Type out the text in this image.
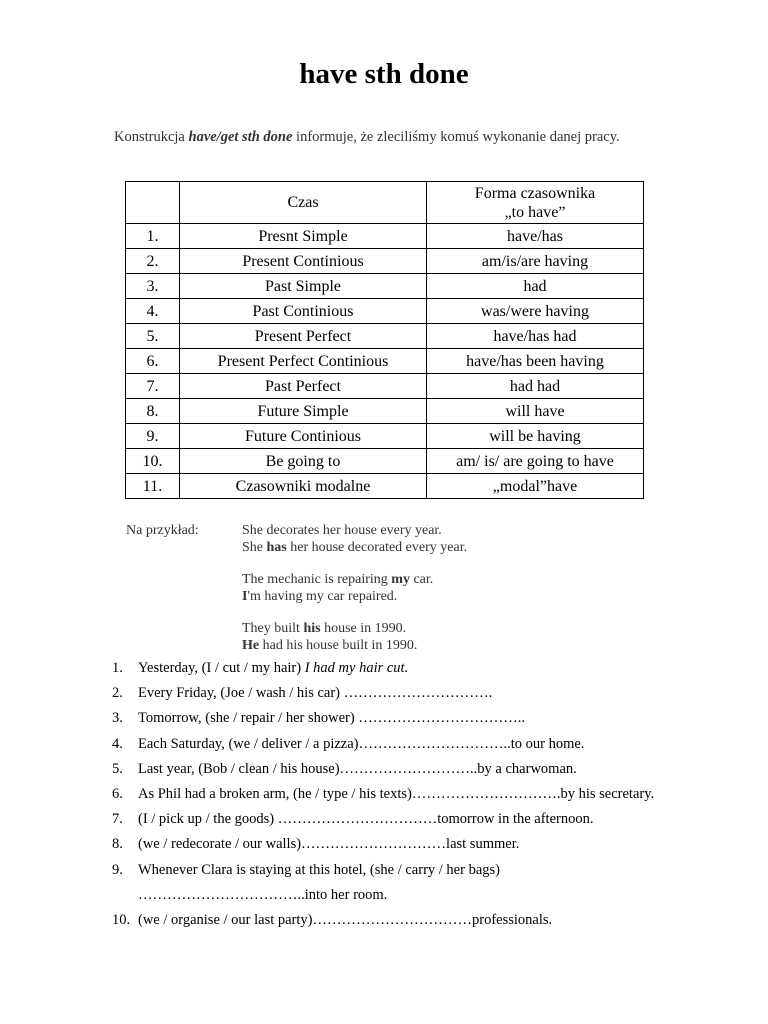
have sth done
Konstrukcja have/get sth done informuje, że zleciliśmy komuś wykonanie danej pracy.
	Czas	Forma czasownika
„to have”

1.	Presnt Simple	have/has
2.	Present Continious	am/is/are having
3.	Past Simple	had
4.	Past Continious	was/were having
5.	Present Perfect	have/has had
6.	Present Perfect Continious	have/has been having
7.	Past Perfect	had had
8.	Future Simple	will have
9.	Future Continious	will be having
10.	Be going to	am/ is/ are going to have
11.	Czasowniki modalne	„modal”have
Na przykład:	She decorates her house every year.
She has her house decorated every year.
The mechanic is repairing my car.
I'm having my car repaired.
They built his house in 1990.
He had his house built in 1990.
1. Yesterday, (I / cut / my hair) I had my hair cut.
2. Every Friday, (Joe / wash / his car) ………………………….
3. Tomorrow, (she / repair / her shower) ……………………………..
4. Each Saturday, (we / deliver / a pizza)…………………………..to our home.
5. Last year, (Bob / clean / his house)………………………..by a charwoman.
6. As Phil had a broken arm, (he / type / his texts)………………………….by his secretary.
7. (I / pick up / the goods) ……………………………tomorrow in the afternoon.
8. (we / redecorate / our walls)…………………………last summer.
9. Whenever Clara is staying at this hotel, (she / carry / her bags) ……………………………..into her room.
10. (we / organise / our last party)……………………………professionals.
